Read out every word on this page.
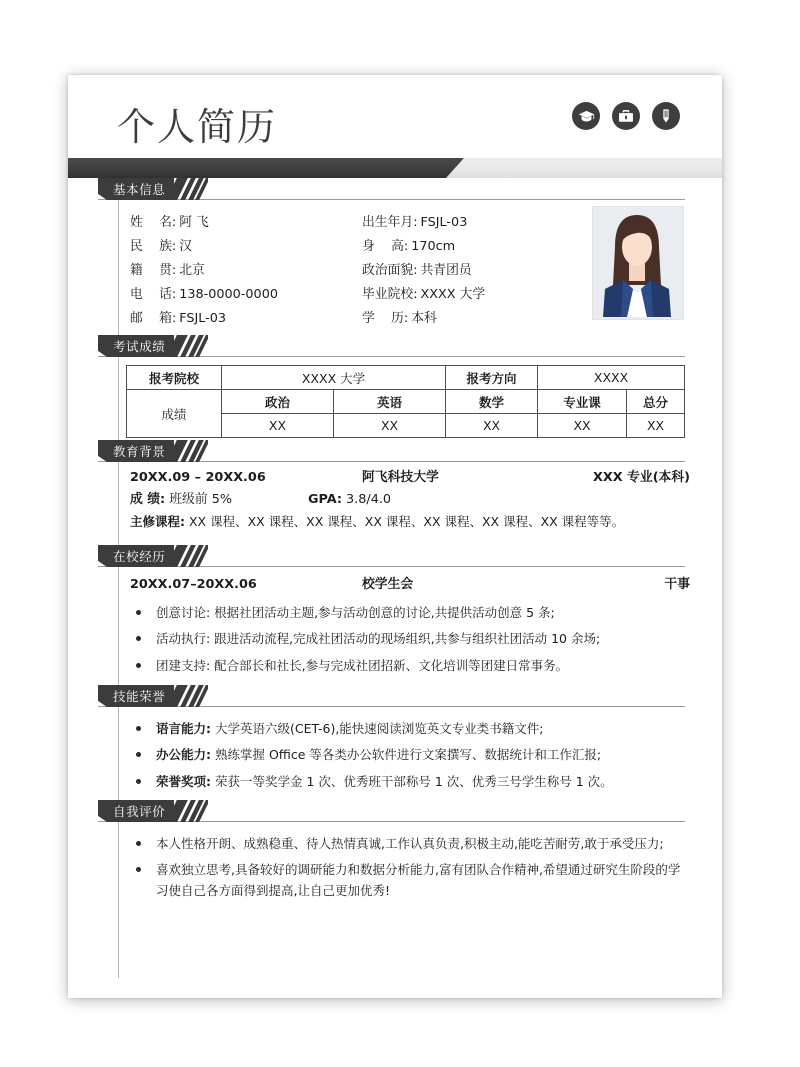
个人简历
基本信息
姓    名: 阿 飞	出生年月: FSJL-03
民    族: 汉	身    高: 170cm
籍    贯: 北京	政治面貌: 共青团员
电    话: 138-0000-0000	毕业院校: XXXX 大学
邮    箱: FSJL-03	学    历: 本科
考试成绩
报考院校	XXXX 大学		报考方向	XXXX	
成绩	政治	英语	数学	专业课	总分
	XX	XX	XX	XX	XX
教育背景
20XX.09 – 20XX.06	阿飞科技大学	XXX 专业(本科)
成 绩: 班级前 5%	GPA: 3.8/4.0
主修课程: XX 课程、XX 课程、XX 课程、XX 课程、XX 课程、XX 课程、XX 课程等等。
在校经历
20XX.07–20XX.06	校学生会	干事
创意讨论: 根据社团活动主题,参与活动创意的讨论,共提供活动创意 5 条;
活动执行: 跟进活动流程,完成社团活动的现场组织,共参与组织社团活动 10 余场;
团建支持: 配合部长和社长,参与完成社团招新、文化培训等团建日常事务。
技能荣誉
语言能力: 大学英语六级(CET-6),能快速阅读浏览英文专业类书籍文件;
办公能力: 熟练掌握 Office 等各类办公软件进行文案撰写、数据统计和工作汇报;
荣誉奖项: 荣获一等奖学金 1 次、优秀班干部称号 1 次、优秀三号学生称号 1 次。
自我评价
本人性格开朗、成熟稳重、待人热情真诚,工作认真负责,积极主动,能吃苦耐劳,敢于承受压力;
喜欢独立思考,具备较好的调研能力和数据分析能力,富有团队合作精神,希望通过研究生阶段的学习使自己各方面得到提高,让自己更加优秀!
